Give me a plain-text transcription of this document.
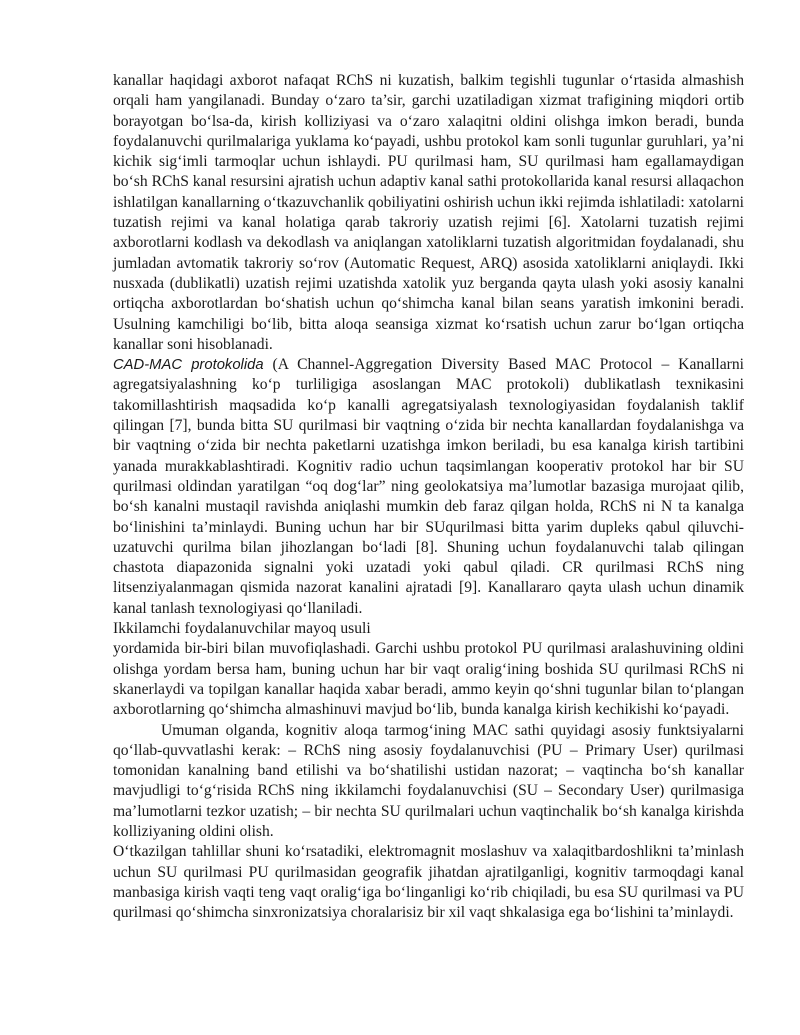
kanallar haqidagi axborot nafaqat RChS ni kuzatish, balkim tegishli tugunlar o‘rtasida almashish orqali ham yangilanadi. Bunday o‘zaro ta’sir, garchi uzatiladigan xizmat trafigining miqdori ortib borayotgan bo‘lsa-da, kirish kolliziyasi va o‘zaro xalaqitni oldini olishga imkon beradi, bunda foydalanuvchi qurilmalariga yuklama ko‘payadi, ushbu protokol kam sonli tugunlar guruhlari, ya’ni kichik sig‘imli tarmoqlar uchun ishlaydi. PU qurilmasi ham, SU qurilmasi ham egallamaydigan bo‘sh RChS kanal resursini ajratish uchun adaptiv kanal sathi protokollarida kanal resursi allaqachon ishlatilgan kanallarning o‘tkazuvchanlik qobiliyatini oshirish uchun ikki rejimda ishlatiladi: xatolarni tuzatish rejimi va kanal holatiga qarab takroriy uzatish rejimi [6]. Xatolarni tuzatish rejimi axborotlarni kodlash va dekodlash va aniqlangan xatoliklarni tuzatish algoritmidan foydalanadi, shu jumladan avtomatik takroriy so‘rov (Automatic Request, ARQ) asosida xatoliklarni aniqlaydi. Ikki nusxada (dublikatli) uzatish rejimi uzatishda xatolik yuz berganda qayta ulash yoki asosiy kanalni ortiqcha axborotlardan bo‘shatish uchun qo‘shimcha kanal bilan seans yaratish imkonini beradi. Usulning kamchiligi bo‘lib, bitta aloqa seansiga xizmat ko‘rsatish uchun zarur bo‘lgan ortiqcha kanallar soni hisoblanadi.

CAD-MAC protokolida (A Channel-Aggregation Diversity Based MAC Protocol – Kanallarni agregatsiyalashning ko‘p turliligiga asoslangan MAC protokoli) dublikatlash texnikasini takomillashtirish maqsadida ko‘p kanalli agregatsiyalash texnologiyasidan foydalanish taklif qilingan [7], bunda bitta SU qurilmasi bir vaqtning o‘zida bir nechta kanallardan foydalanishga va bir vaqtning o‘zida bir nechta paketlarni uzatishga imkon beriladi, bu esa kanalga kirish tartibini yanada murakkablashtiradi. Kognitiv radio uchun taqsimlangan kooperativ protokol har bir SU qurilmasi oldindan yaratilgan “oq dog‘lar” ning geolokatsiya ma’lumotlar bazasiga murojaat qilib, bo‘sh kanalni mustaqil ravishda aniqlashi mumkin deb faraz qilgan holda, RChS ni N ta kanalga bo‘linishini ta’minlaydi. Buning uchun har bir SUqurilmasi bitta yarim dupleks qabul qiluvchi-uzatuvchi qurilma bilan jihozlangan bo‘ladi [8]. Shuning uchun foydalanuvchi talab qilingan chastota diapazonida signalni yoki uzatadi yoki qabul qiladi. CR qurilmasi RChS ning litsenziyalanmagan qismida nazorat kanalini ajratadi [9]. Kanallararo qayta ulash uchun dinamik kanal tanlash texnologiyasi qo‘llaniladi.

Ikkilamchi foydalanuvchilar mayoq usuli

yordamida bir-biri bilan muvofiqlashadi. Garchi ushbu protokol PU qurilmasi aralashuvining oldini olishga yordam bersa ham, buning uchun har bir vaqt oralig‘ining boshida SU qurilmasi RChS ni skanerlaydi va topilgan kanallar haqida xabar beradi, ammo keyin qo‘shni tugunlar bilan to‘plangan axborotlarning qo‘shimcha almashinuvi mavjud bo‘lib, bunda kanalga kirish kechikishi ko‘payadi.

Umuman olganda, kognitiv aloqa tarmog‘ining MAC sathi quyidagi asosiy funktsiyalarni qo‘llab-quvvatlashi kerak: – RChS ning asosiy foydalanuvchisi (PU – Primary User) qurilmasi tomonidan kanalning band etilishi va bo‘shatilishi ustidan nazorat; – vaqtincha bo‘sh kanallar mavjudligi to‘g‘risida RChS ning ikkilamchi foydalanuvchisi (SU – Secondary User) qurilmasiga ma’lumotlarni tezkor uzatish; – bir nechta SU qurilmalari uchun vaqtinchalik bo‘sh kanalga kirishda kolliziyaning oldini olish.

O‘tkazilgan tahlillar shuni ko‘rsatadiki, elektromagnit moslashuv va xalaqitbardoshlikni ta’minlash uchun SU qurilmasi PU qurilmasidan geografik jihatdan ajratilganligi, kognitiv tarmoqdagi kanal manbasiga kirish vaqti teng vaqt oralig‘iga bo‘linganligi ko‘rib chiqiladi, bu esa SU qurilmasi va PU qurilmasi qo‘shimcha sinxronizatsiya choralarisiz bir xil vaqt shkalasiga ega bo‘lishini ta’minlaydi.
